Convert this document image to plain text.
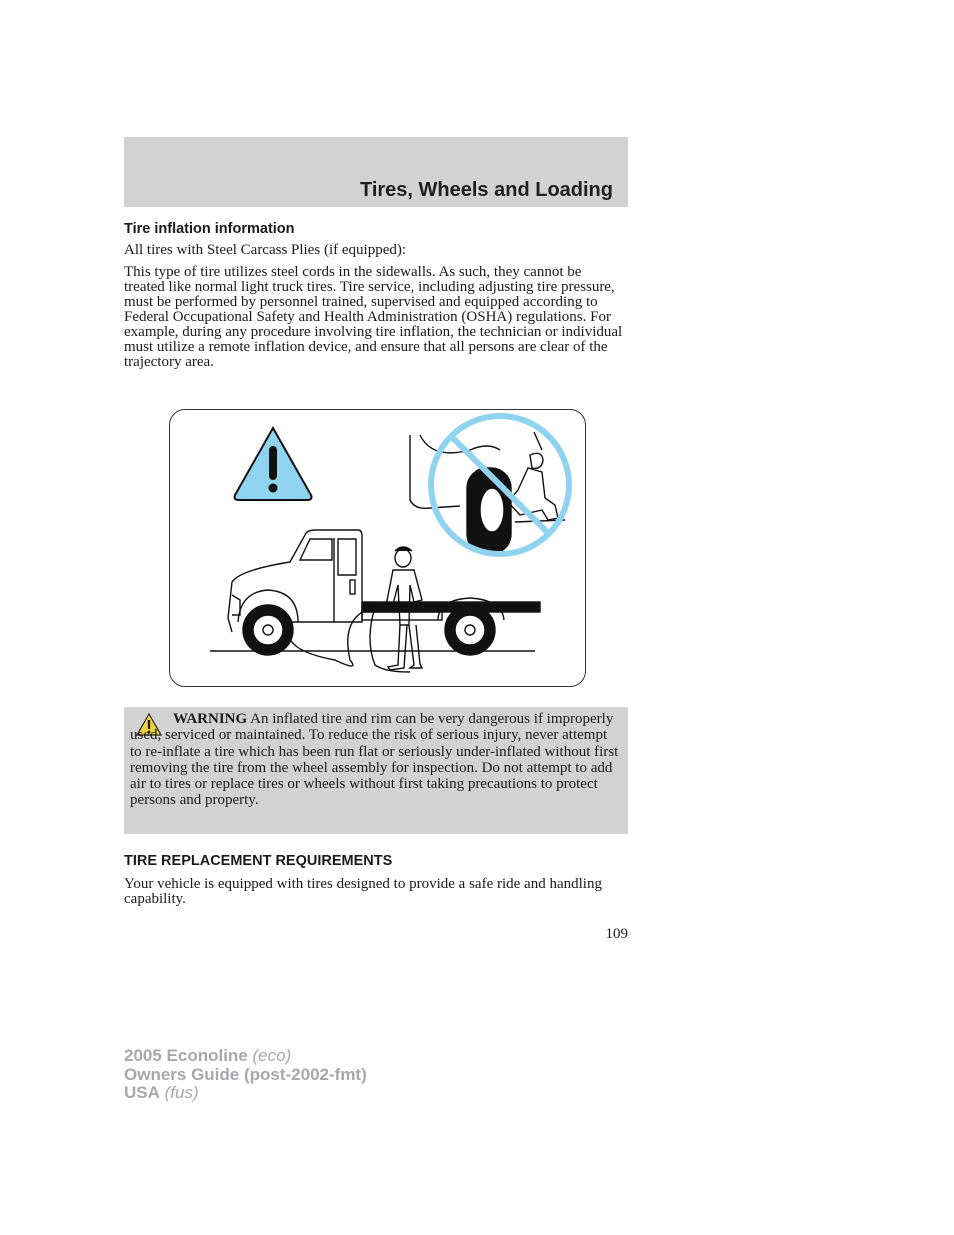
Tires, Wheels and Loading
Tire inflation information
All tires with Steel Carcass Plies (if equipped):
This type of tire utilizes steel cords in the sidewalls. As such, they cannot be treated like normal light truck tires. Tire service, including adjusting tire pressure, must be performed by personnel trained, supervised and equipped according to Federal Occupational Safety and Health Administration (OSHA) regulations. For example, during any procedure involving tire inflation, the technician or individual must utilize a remote inflation device, and ensure that all persons are clear of the trajectory area.
WARNING An inflated tire and rim can be very dangerous if improperly used, serviced or maintained. To reduce the risk of serious injury, never attempt to re-inflate a tire which has been run flat or seriously under-inflated without first removing the tire from the wheel assembly for inspection. Do not attempt to add air to tires or replace tires or wheels without first taking precautions to protect persons and property.
TIRE REPLACEMENT REQUIREMENTS
Your vehicle is equipped with tires designed to provide a safe ride and handling capability.
109
2005 Econoline (eco)
Owners Guide (post-2002-fmt)
USA (fus)
